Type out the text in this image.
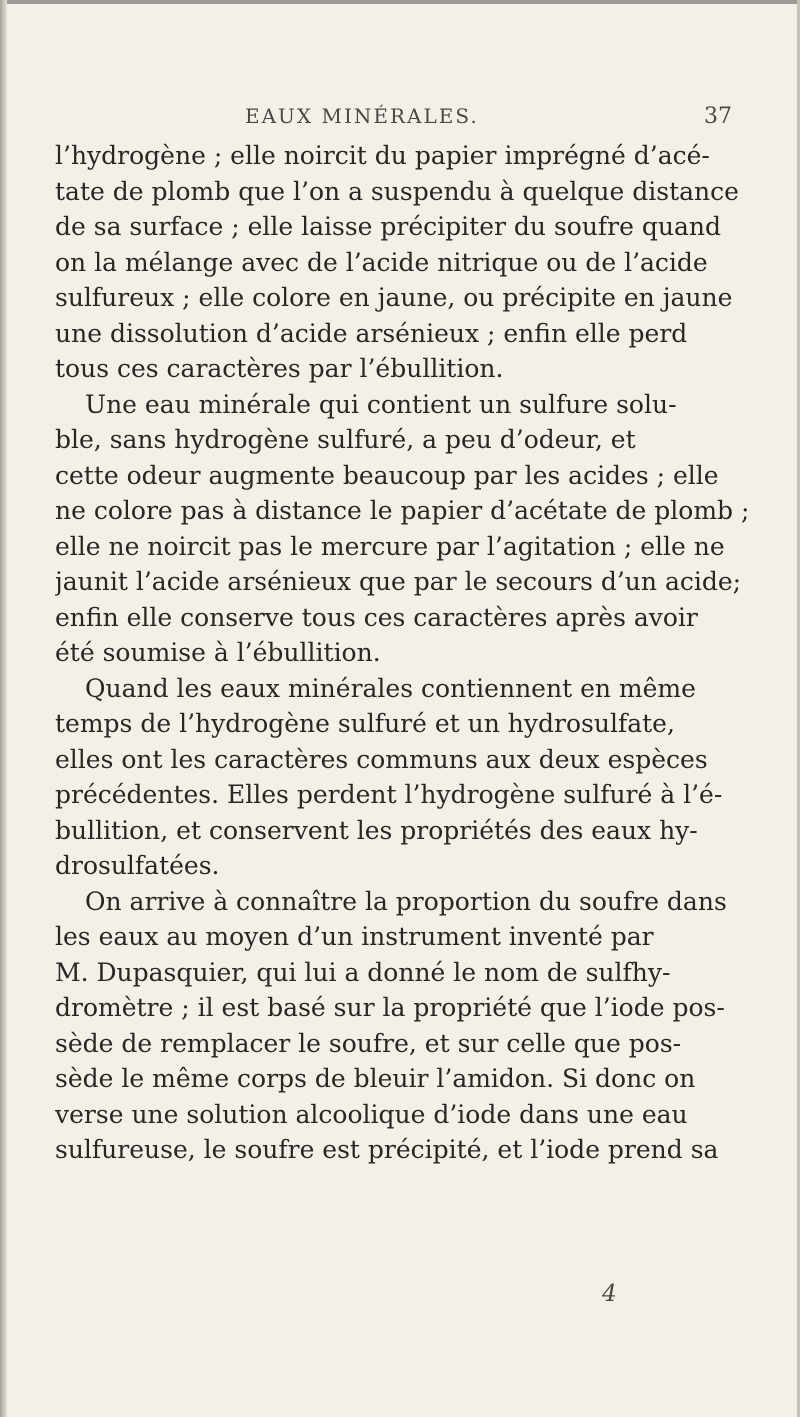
EAUX MINÉRALES.	37

l’hydrogène ; elle noircit du papier imprégné d’acé-
tate de plomb que l’on a suspendu à quelque distance
de sa surface ; elle laisse précipiter du soufre quand
on la mélange avec de l’acide nitrique ou de l’acide
sulfureux ; elle colore en jaune, ou précipite en jaune
une dissolution d’acide arsénieux ; enfin elle perd
tous ces caractères par l’ébullition.

Une eau minérale qui contient un sulfure solu-
ble, sans hydrogène sulfuré, a peu d’odeur, et
cette odeur augmente beaucoup par les acides ; elle
ne colore pas à distance le papier d’acétate de plomb ;
elle ne noircit pas le mercure par l’agitation ; elle ne
jaunit l’acide arsénieux que par le secours d’un acide;
enfin elle conserve tous ces caractères après avoir
été soumise à l’ébullition.

Quand les eaux minérales contiennent en même
temps de l’hydrogène sulfuré et un hydrosulfate,
elles ont les caractères communs aux deux espèces
précédentes. Elles perdent l’hydrogène sulfuré à l’é-
bullition, et conservent les propriétés des eaux hy-
drosulfatées.

On arrive à connaître la proportion du soufre dans
les eaux au moyen d’un instrument inventé par
M. Dupasquier, qui lui a donné le nom de sulfhy-
dromètre ; il est basé sur la propriété que l’iode pos-
sède de remplacer le soufre, et sur celle que pos-
sède le même corps de bleuir l’amidon. Si donc on
verse une solution alcoolique d’iode dans une eau
sulfureuse, le soufre est précipité, et l’iode prend sa

4
